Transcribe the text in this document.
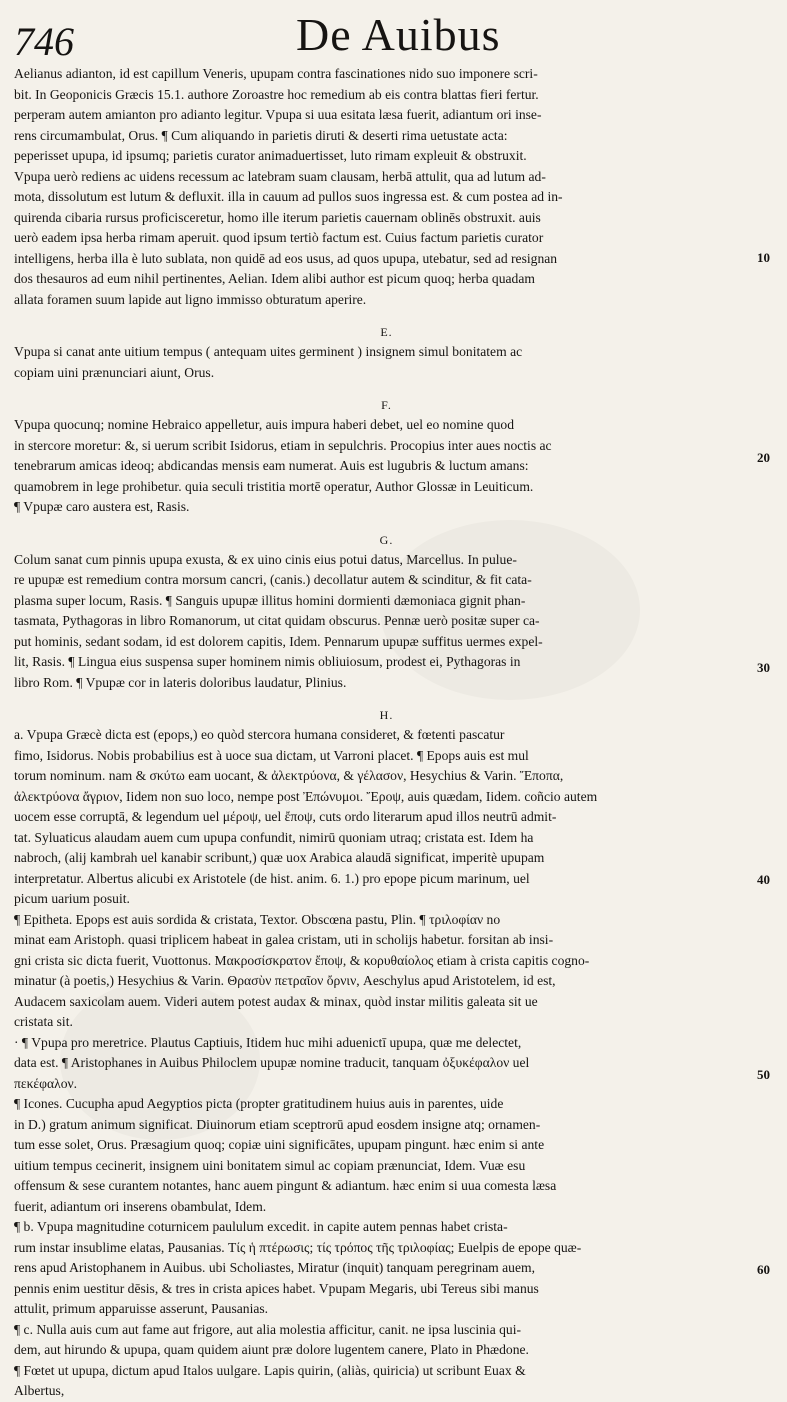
746	De Auibus
Aelianus adianton, id est capillum Veneris, upupam contra fascinationes nido suo imponere scri-
bit. In Geoponicis Græcis 15.1. authore Zoroastre hoc remedium ab eis contra blattas fieri fertur.
perperam autem amianton pro adianto legitur. Vpupa si uua esitata læsa fuerit, adiantum ori inse-
rens circumambulat, Orus. ¶ Cum aliquando in parietis diruti & deserti rima uetustate acta:
peperisset upupa, id ipsumq; parietis curator animaduertisset, luto rimam expleuit & obstruxit.
Vpupa uerò rediens ac uidens recessum ac latebram suam clausam, herbā attulit, qua ad lutum ad-
mota, dissolutum est lutum & defluxit. illa in cauum ad pullos suos ingressa est. & cum postea ad in-
quirenda cibaria rursus proficisceretur, homo ille iterum parietis cauernam oblinēs obstruxit. auis
uerò eadem ipsa herba rimam aperuit. quod ipsum tertiò factum est. Cuius factum parietis curator
intelligens, herba illa è luto sublata, non quidē ad eos usus, ad quos upupa, utebatur, sed ad resignan
dos thesauros ad eum nihil pertinentes, Aelian. Idem alibi author est picum quoq; herba quadam
allata foramen suum lapide aut ligno immisso obturatum aperire.
E.
Vpupa si canat ante uitium tempus ( antequam uites germinent ) insignem simul bonitatem ac
copiam uini prænunciari aiunt, Orus.
F.
Vpupa quocunq; nomine Hebraico appelletur, auis impura haberi debet, uel eo nomine quod
in stercore moretur: &, si uerum scribit Isidorus, etiam in sepulchris. Procopius inter aues noctis ac
tenebrarum amicas ideoq; abdicandas mensis eam numerat. Auis est lugubris & luctum amans:
quamobrem in lege prohibetur. quia seculi tristitia mortē operatur, Author Glossæ in Leuiticum.
¶ Vpupæ caro austera est, Rasis.
G.
Colum sanat cum pinnis upupa exusta, & ex uino cinis eius potui datus, Marcellus. In pulue-
re upupæ est remedium contra morsum cancri, (canis.) decollatur autem & scinditur, & fit cata-
plasma super locum, Rasis. ¶ Sanguis upupæ illitus homini dormienti dæmoniaca gignit phan-
tasmata, Pythagoras in libro Romanorum, ut citat quidam obscurus. Pennæ uerò positæ super ca-
put hominis, sedant sodam, id est dolorem capitis, Idem. Pennarum upupæ suffitus uermes expel-
lit, Rasis. ¶ Lingua eius suspensa super hominem nimis obliuiosum, prodest ei, Pythagoras in
libro Rom. ¶ Vpupæ cor in lateris doloribus laudatur, Plinius.
H.
a. Vpupa Græcè dicta est (epops,) eo quòd stercora humana consideret, & fœtenti pascatur
fimo, Isidorus. Nobis probabilius est à uoce sua dictam, ut Varroni placet. ¶ Epops auis est mul
torum nominum. nam & σκύτω eam uocant, & ἀλεκτρύονα, & γέλασον, Hesychius & Varin. Ἔποπα,
ἀλεκτρύονα ἄγριον, Iidem non suo loco, nempe post Ἐπώνυμοι. Ἔροψ, auis quædam, Iidem. coñcio autem
uocem esse corruptā, & legendum uel μέροψ, uel ἔποψ, cuts ordo literarum apud illos neutrū admit-
tat. Syluaticus alaudam auem cum upupa confundit, nimirū quoniam utraq; cristata est. Idem ha
nabroch, (alij kambrah uel kanabir scribunt,) quæ uox Arabica alaudā significat, imperitè upupam
interpretatur. Albertus alicubi ex Aristotele (de hist. anim. 6. 1.) pro epope picum marinum, uel
picum uarium posuit.
¶ Epitheta. Epops est auis sordida & cristata, Textor. Obscœna pastu, Plin. ¶ τριλοφίαν no
minat eam Aristoph. quasi triplicem habeat in galea cristam, uti in scholijs habetur. forsitan ab insi-
gni crista sic dicta fuerit, Vuottonus. Μακροσίσκρατον ἔποψ, & κορυθαίολος etiam à crista capitis cogno-
minatur (à poetis,) Hesychius & Varin. Θρασὺν πετραῖον ὄρνιν, Aeschylus apud Aristotelem, id est,
Audacem saxicolam auem. Videri autem potest audax & minax, quòd instar militis galeata sit ue
cristata sit.
· ¶ Vpupa pro meretrice. Plautus Captiuis, Itidem huc mihi aduenictī upupa, quæ me delectet,
data est. ¶ Aristophanes in Auibus Philoclem upupæ nomine traducit, tanquam ὀξυκέφαλον uel
πεκέφαλον.
¶ Icones. Cucupha apud Aegyptios picta (propter gratitudinem huius auis in parentes, uide
in D.) gratum animum significat. Diuinorum etiam sceptrorū apud eosdem insigne atq; ornamen-
tum esse solet, Orus. Præsagium quoq; copiæ uini significātes, upupam pingunt. hæc enim si ante
uitium tempus cecinerit, insignem uini bonitatem simul ac copiam prænunciat, Idem. Vuæ esu
offensum & sese curantem notantes, hanc auem pingunt & adiantum. hæc enim si uua comesta læsa
fuerit, adiantum ori inserens obambulat, Idem.
¶ b. Vpupa magnitudine coturnicem paululum excedit. in capite autem pennas habet crista-
rum instar insublime elatas, Pausanias. Τίς ἡ πτέρωσις; τίς τρόπος τῆς τριλοφίας; Euelpis de epope quæ-
rens apud Aristophanem in Auibus. ubi Scholiastes, Miratur (inquit) tanquam peregrinam auem,
pennis enim uestitur dēsis, & tres in crista apices habet. Vpupam Megaris, ubi Tereus sibi manus
attulit, primum apparuisse asserunt, Pausanias.
¶ c. Nulla auis cum aut fame aut frigore, aut alia molestia afficitur, canit. ne ipsa luscinia qui-
dem, aut hirundo & upupa, quam quidem aiunt præ dolore lugentem canere, Plato in Phædone.
¶ Fœtet ut upupa, dictum apud Italos uulgare. Lapis quirin, (aliàs, quiricia) ut scribunt Euax &
Albertus,
10
20
30
40
50
60
